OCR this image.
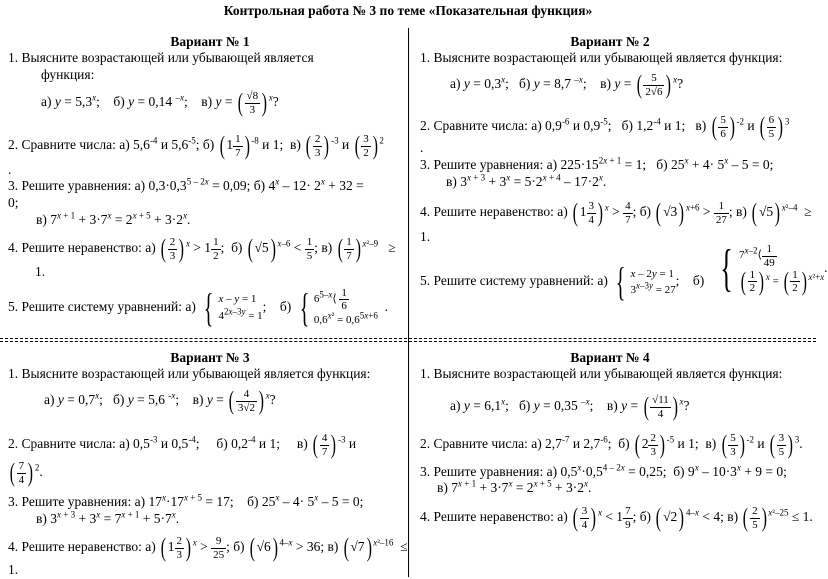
Контрольная работа № 3 по теме «Показательная функция»
Вариант № 1
1. Выясните возрастающей или убывающей является
функция:
а) $y = 5,3^x$;    б) y = 0,14 $^{-x}$;    в) y = ( $\frac{√8}{3}$ ) $^x$?
2. Сравните числа: а) $5,6^{-4}$ и $5,6^{-5}$; б) ( $1 \frac{1}{7}$ ) $^{-8}$ и 1;  в) ( $\frac{2}{3}$ ) $^{-3}$ и ( $\frac{3}{2}$ ) $^2$
.
3. Решите уравнения: а) $0,3\cdot 0,3^{5 - 2x} = 0,09$; б) $4^x - 12\cdot 2^x + 32$ =
0;
в) $7^{x + 1} + 3\cdot 7^x = 2^{x + 5} + 3\cdot 2^x$.
4. Решите неравенство: а) ( $\frac{2}{3}$ ) $^x > 1 \frac{1}{2}$ ;  б) ( √5) $^{x-6} < \frac{1}{5}$ ; в) ( $\frac{1}{7}$ ) $^{x^2-9}$   ≥
1.
5. Решите систему уравнений: а) { x – y = 1
$4^{2x-3y} = 1$;    б) { 6$^{5-x}$⟨ $\frac{1}{6}$

$0,6^{x^2} = 0,6^{5x+6}$  .
Вариант № 2
1. Выясните возрастающей или убывающей является функция:
а) $y = 0,3^x$;   б) y = 8,7 $^{-x}$;    в) y = ( $\frac{5}{2√6}$ ) $^x$?
2. Сравните числа: а) $0,9^{-6}$ и $0,9^{-5}$;   б) $1,2^{-4}$ и 1;   в) ( $\frac{5}{6}$ ) $^{-2}$ и ( $\frac{6}{5}$ ) $^3$
.
3. Решите уравнения: а) $225\cdot 15^{2x + 1} = 1$;   б) $25^x + 4\cdot 5^x - 5 = 0$;
в) $3^{x + 3} + 3^x = 5\cdot 2^{x + 4} - 17\cdot 2^x$.
4. Решите неравенство: а) ( $1 \frac{3}{4}$ ) $^x > \frac{4}{7}$ ; б) ( √3) $^{x+6} > \frac{1}{27}$ ; в) ( √5) $^{x^2-4}$  ≥
1.
5. Решите систему уравнений: а) { x – 2y = 1
$3^{x-3y} = 27$;    б) { 7$^{x-2}$⟨ $\frac{1}{49}$

( $\frac{1}{2}$ ) $^x$ = ( $\frac{1}{2}$ ) $^{x^2+x}$.
Вариант № 3
1. Выясните возрастающей или убывающей является функция:
а) $y = 0,7^x$;   б) y = 5,6 $^{-x}$;    в) y = ( $\frac{4}{3√2}$ ) $^x$?
2. Сравните числа: а) $0,5^{-3}$ и $0,5^{-4}$;     б) $0,2^{-4}$ и 1;     в) ( $\frac{4}{7}$ ) $^{-3}$ и
( $\frac{7}{4}$ ) $^2$.
3. Решите уравнения: а) $17^x\cdot 17^{x + 5} = 17$;    б) $25^x - 4\cdot 5^x - 5 = 0$;
в) $3^{x + 3} + 3^x = 7^{x + 1} + 5\cdot 7^x$.
4. Решите неравенство: а) ( $1 \frac{2}{3}$ ) $^x > \frac{9}{25}$ ; б) ( √6) $^{4-x}$ > 36; в) ( √7) $^{x^2-16}$  ≤
1.
Вариант № 4
1. Выясните возрастающей или убывающей является функция:
а) $y = 6,1^x$;   б) y = 0,35 $^{-x}$;    в) y = ( $\frac{√11}{4}$ ) $^x$?
2. Сравните числа: а) $2,7^{-7}$ и $2,7^{-6}$;  б) ( $2 \frac{2}{3}$ ) $^{-5}$ и 1;  в) ( $\frac{5}{3}$ ) $^{-2}$ и ( $\frac{3}{5}$ ) $^3$.
3. Решите уравнения: а) $0,5^x\cdot 0,5^{4 - 2x} = 0,25$;  б) $9^x - 10\cdot 3^x + 9 = 0$;
в) $7^{x + 1} + 3\cdot 7^x = 2^{x + 5} + 3\cdot 2^x$.
4. Решите неравенство: а) ( $\frac{3}{4}$ ) $^x < 1 \frac{7}{9}$ ; б) ( √2) $^{4-x}$ < 4; в) ( $\frac{2}{5}$ ) $^{x^2-25}$ ≤ 1.
